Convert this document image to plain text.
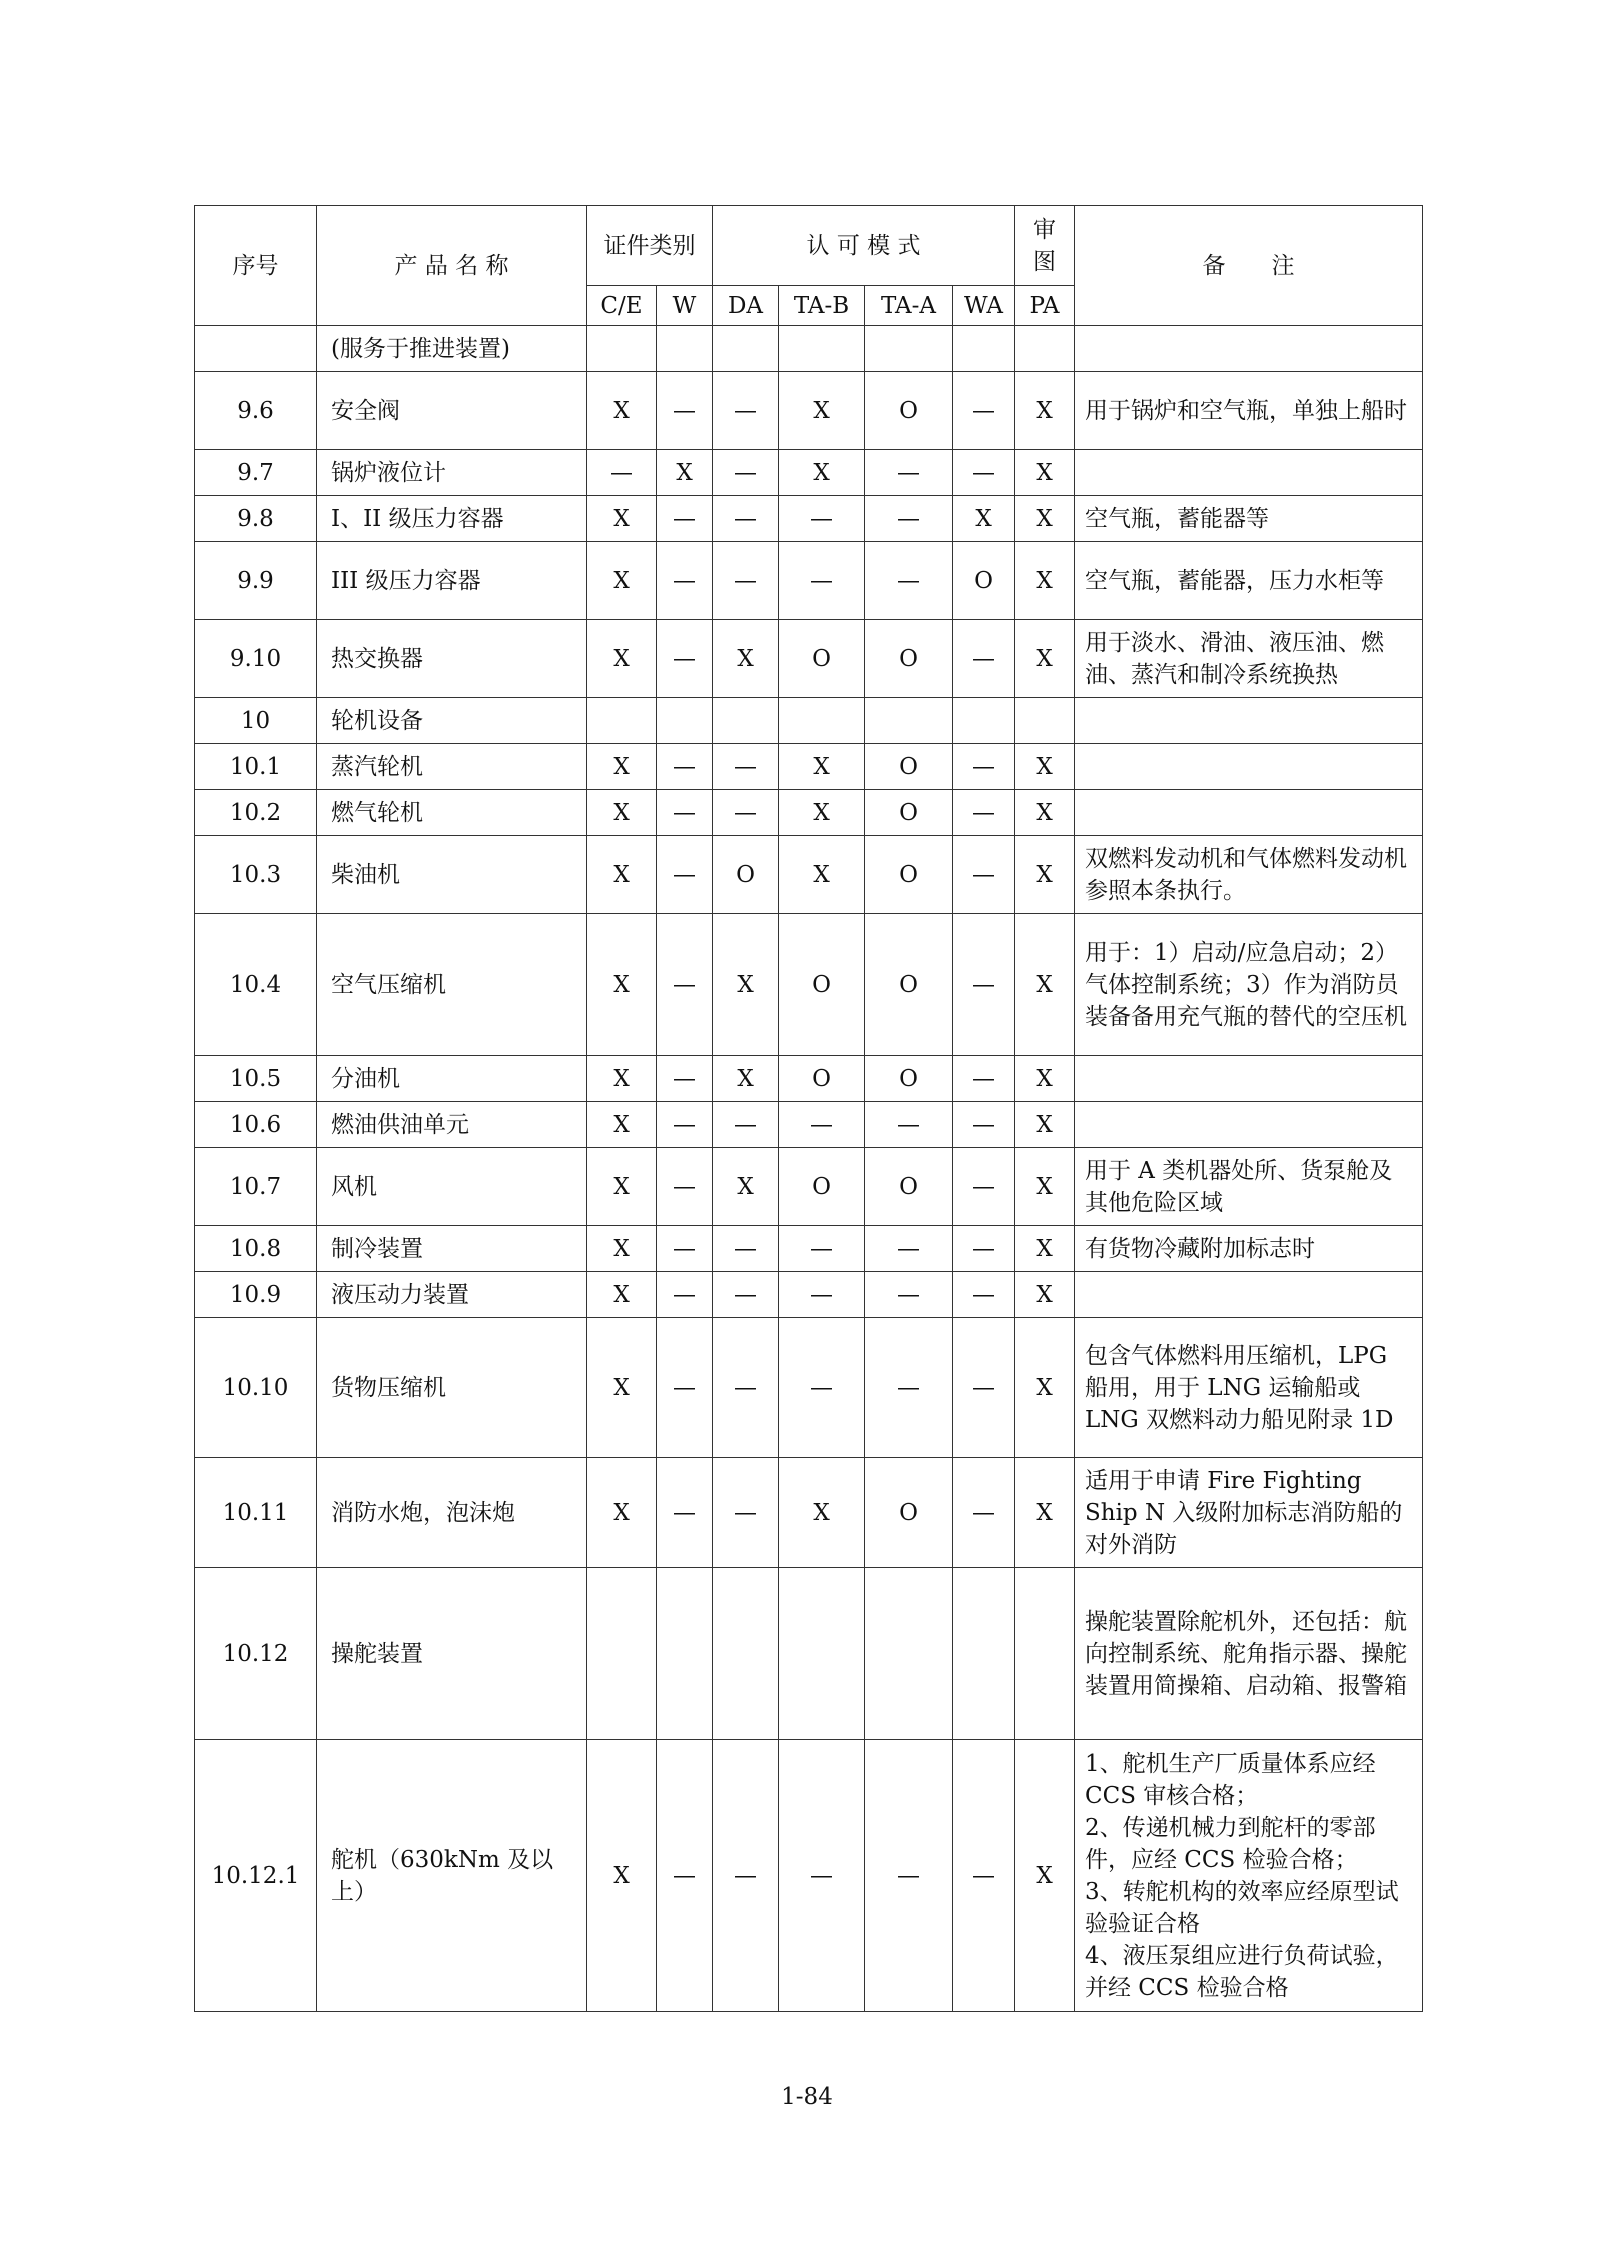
序号	产 品 名 称	证件类别		认 可 模 式				审图	备　　注
		C/E	W	DA	TA-B	TA-A	WA	PA	
	(服务于推进装置)								
9.6	安全阀	X	—	—	X	O	—	X	用于锅炉和空气瓶，单独上船时
9.7	锅炉液位计	—	X	—	X	—	—	X	
9.8	I、II 级压力容器	X	—	—	—	—	X	X	空气瓶，蓄能器等
9.9	III 级压力容器	X	—	—	—	—	O	X	空气瓶，蓄能器，压力水柜等
9.10	热交换器	X	—	X	O	O	—	X	用于淡水、滑油、液压油、燃油、蒸汽和制冷系统换热
10	轮机设备								
10.1	蒸汽轮机	X	—	—	X	O	—	X	
10.2	燃气轮机	X	—	—	X	O	—	X	
10.3	柴油机	X	—	O	X	O	—	X	双燃料发动机和气体燃料发动机参照本条执行。
10.4	空气压缩机	X	—	X	O	O	—	X	用于：1）启动/应急启动；2）气体控制系统；3）作为消防员装备备用充气瓶的替代的空压机
10.5	分油机	X	—	X	O	O	—	X	
10.6	燃油供油单元	X	—	—	—	—	—	X	
10.7	风机	X	—	X	O	O	—	X	用于 A 类机器处所、货泵舱及其他危险区域
10.8	制冷装置	X	—	—	—	—	—	X	有货物冷藏附加标志时
10.9	液压动力装置	X	—	—	—	—	—	X	
10.10	货物压缩机	X	—	—	—	—	—	X	包含气体燃料用压缩机，LPG 船用，用于 LNG 运输船或 LNG 双燃料动力船见附录 1D
10.11	消防水炮，泡沫炮	X	—	—	X	O	—	X	适用于申请 Fire Fighting Ship N 入级附加标志消防船的对外消防
10.12	操舵装置								操舵装置除舵机外，还包括：航向控制系统、舵角指示器、操舵装置用简操箱、启动箱、报警箱
10.12.1	舵机（630kNm 及以上）	X	—	—	—	—	—	X	1、舵机生产厂质量体系应经 CCS 审核合格；
2、传递机械力到舵杆的零部件，应经 CCS 检验合格；
3、转舵机构的效率应经原型试验验证合格
4、液压泵组应进行负荷试验，并经 CCS 检验合格
1-84
